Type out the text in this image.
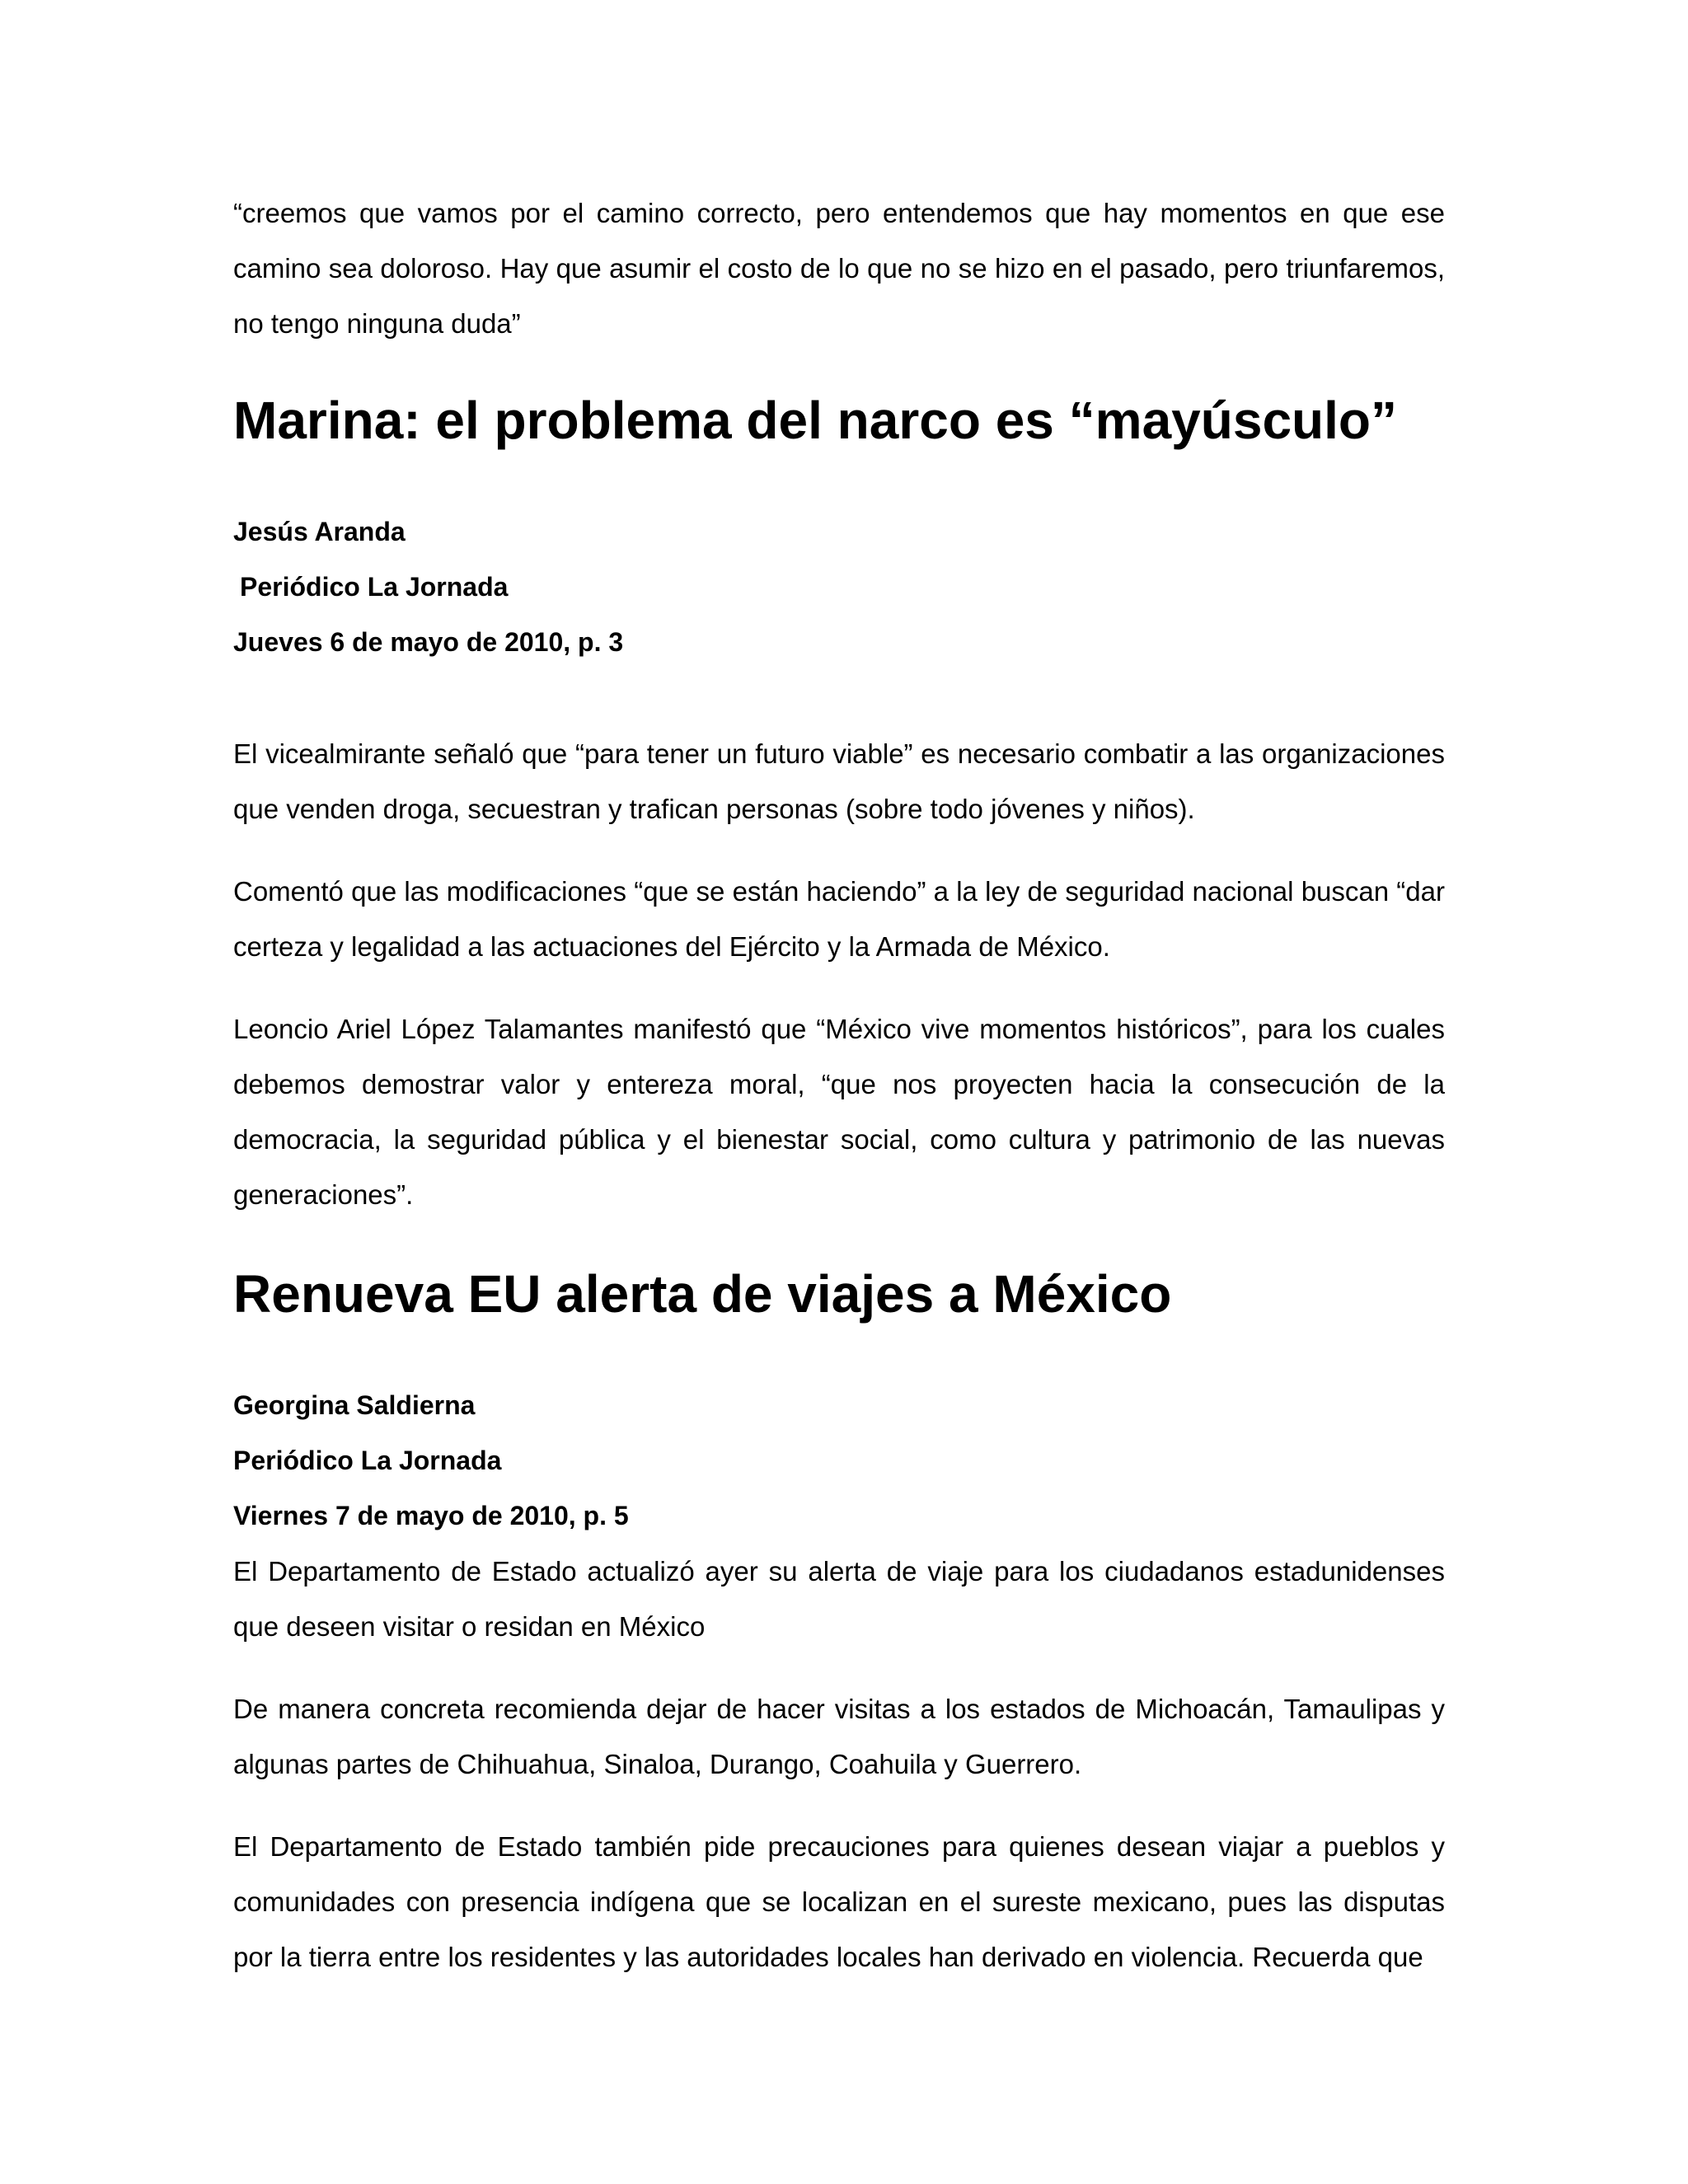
“creemos que vamos por el camino correcto, pero entendemos que hay momentos en que ese camino sea doloroso. Hay que asumir el costo de lo que no se hizo en el pasado, pero triunfaremos, no tengo ninguna duda”

Marina: el problema del narco es “mayúsculo”
Jesús Aranda
Periódico La Jornada
Jueves 6 de mayo de 2010, p. 3

El vicealmirante señaló que “para tener un futuro viable” es necesario combatir a las organizaciones que venden droga, secuestran y trafican personas (sobre todo jóvenes y niños).

Comentó que las modificaciones “que se están haciendo” a la ley de seguridad nacional buscan “dar certeza y legalidad a las actuaciones del Ejército y la Armada de México.

Leoncio Ariel López Talamantes manifestó que “México vive momentos históricos”, para los cuales debemos demostrar valor y entereza moral, “que nos proyecten hacia la consecución de la democracia, la seguridad pública y el bienestar social, como cultura y patrimonio de las nuevas generaciones”.

Renueva EU alerta de viajes a México
Georgina Saldierna
Periódico La Jornada
Viernes 7 de mayo de 2010, p. 5

El Departamento de Estado actualizó ayer su alerta de viaje para los ciudadanos estadunidenses que deseen visitar o residan en México

De manera concreta recomienda dejar de hacer visitas a los estados de Michoacán, Tamaulipas y algunas partes de Chihuahua, Sinaloa, Durango, Coahuila y Guerrero.

El Departamento de Estado también pide precauciones para quienes desean viajar a pueblos y comunidades con presencia indígena que se localizan en el sureste mexicano, pues las disputas por la tierra entre los residentes y las autoridades locales han derivado en violencia. Recuerda que
